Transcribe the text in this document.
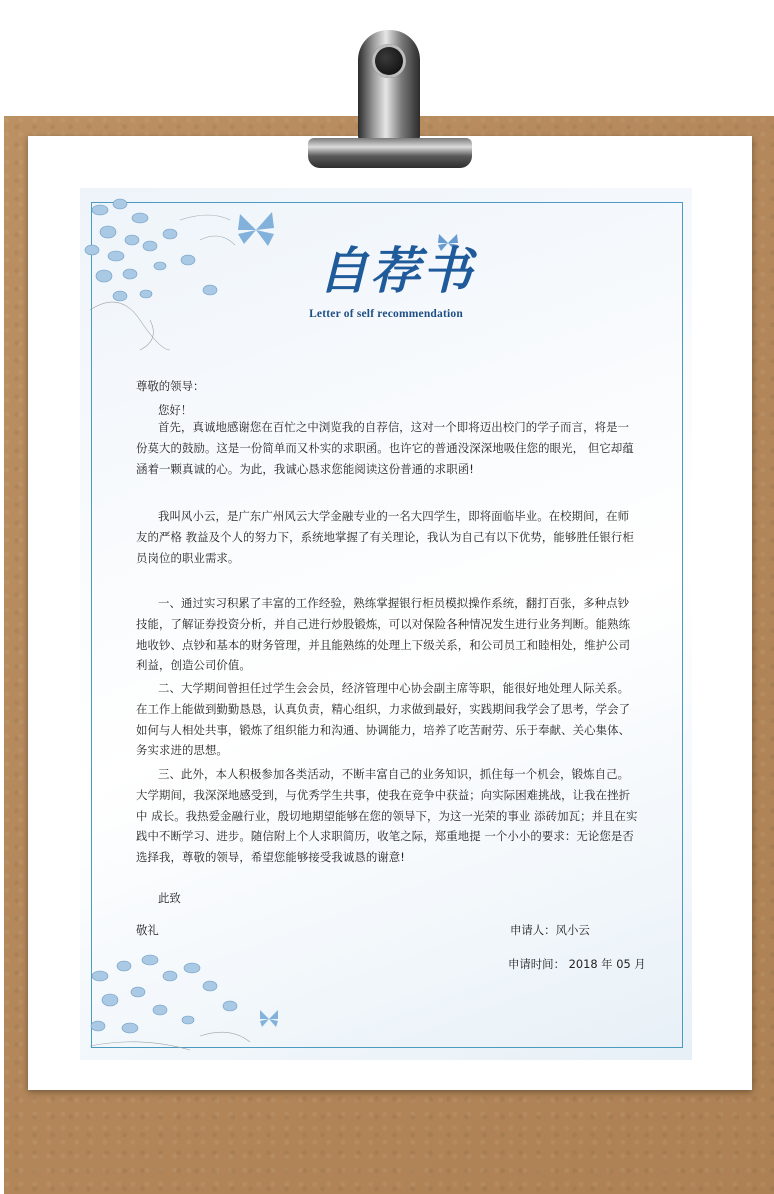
自荐书
Letter of self recommendation
尊敬的领导：
您好！
首先，真诚地感谢您在百忙之中浏览我的自荐信，这对一个即将迈出校门的学子而言，将是一份莫大的鼓励。这是一份简单而又朴实的求职函。也许它的普通没深深地吸住您的眼光， 但它却蕴涵着一颗真诚的心。为此，我诚心恳求您能阅读这份普通的求职函!
我叫风小云，是广东广州风云大学金融专业的一名大四学生，即将面临毕业。在校期间，在师友的严格 教益及个人的努力下，系统地掌握了有关理论，我认为自己有以下优势，能够胜任银行柜员岗位的职业需求。
一、通过实习积累了丰富的工作经验，熟练掌握银行柜员模拟操作系统，翻打百张，多种点钞技能，了解证券投资分析，并自己进行炒股锻炼，可以对保险各种情况发生进行业务判断。能熟练地收钞、点钞和基本的财务管理，并且能熟练的处理上下级关系，和公司员工和睦相处，维护公司利益，创造公司价值。
二、大学期间曾担任过学生会会员，经济管理中心协会副主席等职，能很好地处理人际关系。在工作上能做到勤勤恳恳，认真负责，精心组织，力求做到最好，实践期间我学会了思考，学会了如何与人相处共事，锻炼了组织能力和沟通、协调能力，培养了吃苦耐劳、乐于奉献、关心集体、务实求进的思想。
三、此外，本人积极参加各类活动，不断丰富自己的业务知识，抓住每一个机会，锻炼自己。大学期间，我深深地感受到，与优秀学生共事，使我在竞争中获益；向实际困难挑战，让我在挫折中 成长。我热爱金融行业，殷切地期望能够在您的领导下，为这一光荣的事业 添砖加瓦；并且在实践中不断学习、进步。随信附上个人求职简历，收笔之际，郑重地提 一个小小的要求：无论您是否选择我，尊敬的领导，希望您能够接受我诚恳的谢意!
此致
敬礼	申请人：风小云
申请时间： 2018 年 05 月
